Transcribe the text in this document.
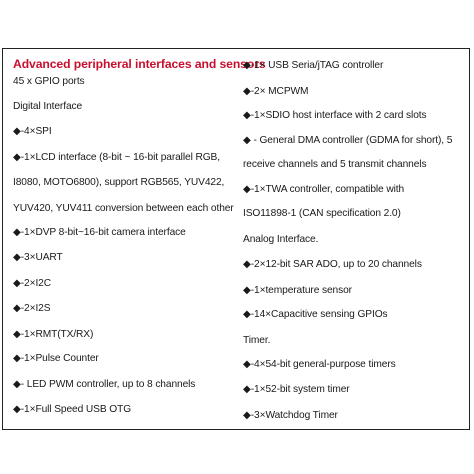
Advanced peripheral interfaces and sensors
45 x GPIO ports
Digital Interface
◆-4×SPI
◆-1×LCD interface (8-bit ~ 16-bit parallel RGB,
I8080, MOTO6800), support RGB565, YUV422,
YUV420, YUV411 conversion between each other
◆-1×DVP 8-bit~16-bit camera interface
◆-3×UART
◆-2×I2C
◆-2×I2S
◆-1×RMT(TX/RX)
◆-1×Pulse Counter
◆- LED PWM controller, up to 8 channels
◆-1×Full Speed USB OTG
◆-1× USB Seria/jTAG controller
◆-2× MCPWM
◆-1×SDIO host interface with 2 card slots
◆ - General DMA controller (GDMA for short), 5
receive channels and 5 transmit channels
◆-1×TWA controller, compatible with
ISO11898-1 (CAN specification 2.0)
Analog Interface.
◆-2×12-bit SAR ADO, up to 20 channels
◆-1×temperature sensor
◆-14×Capacitive sensing GPIOs
Timer.
◆-4×54-bit general-purpose timers
◆-1×52-bit system timer
◆-3×Watchdog Timer
